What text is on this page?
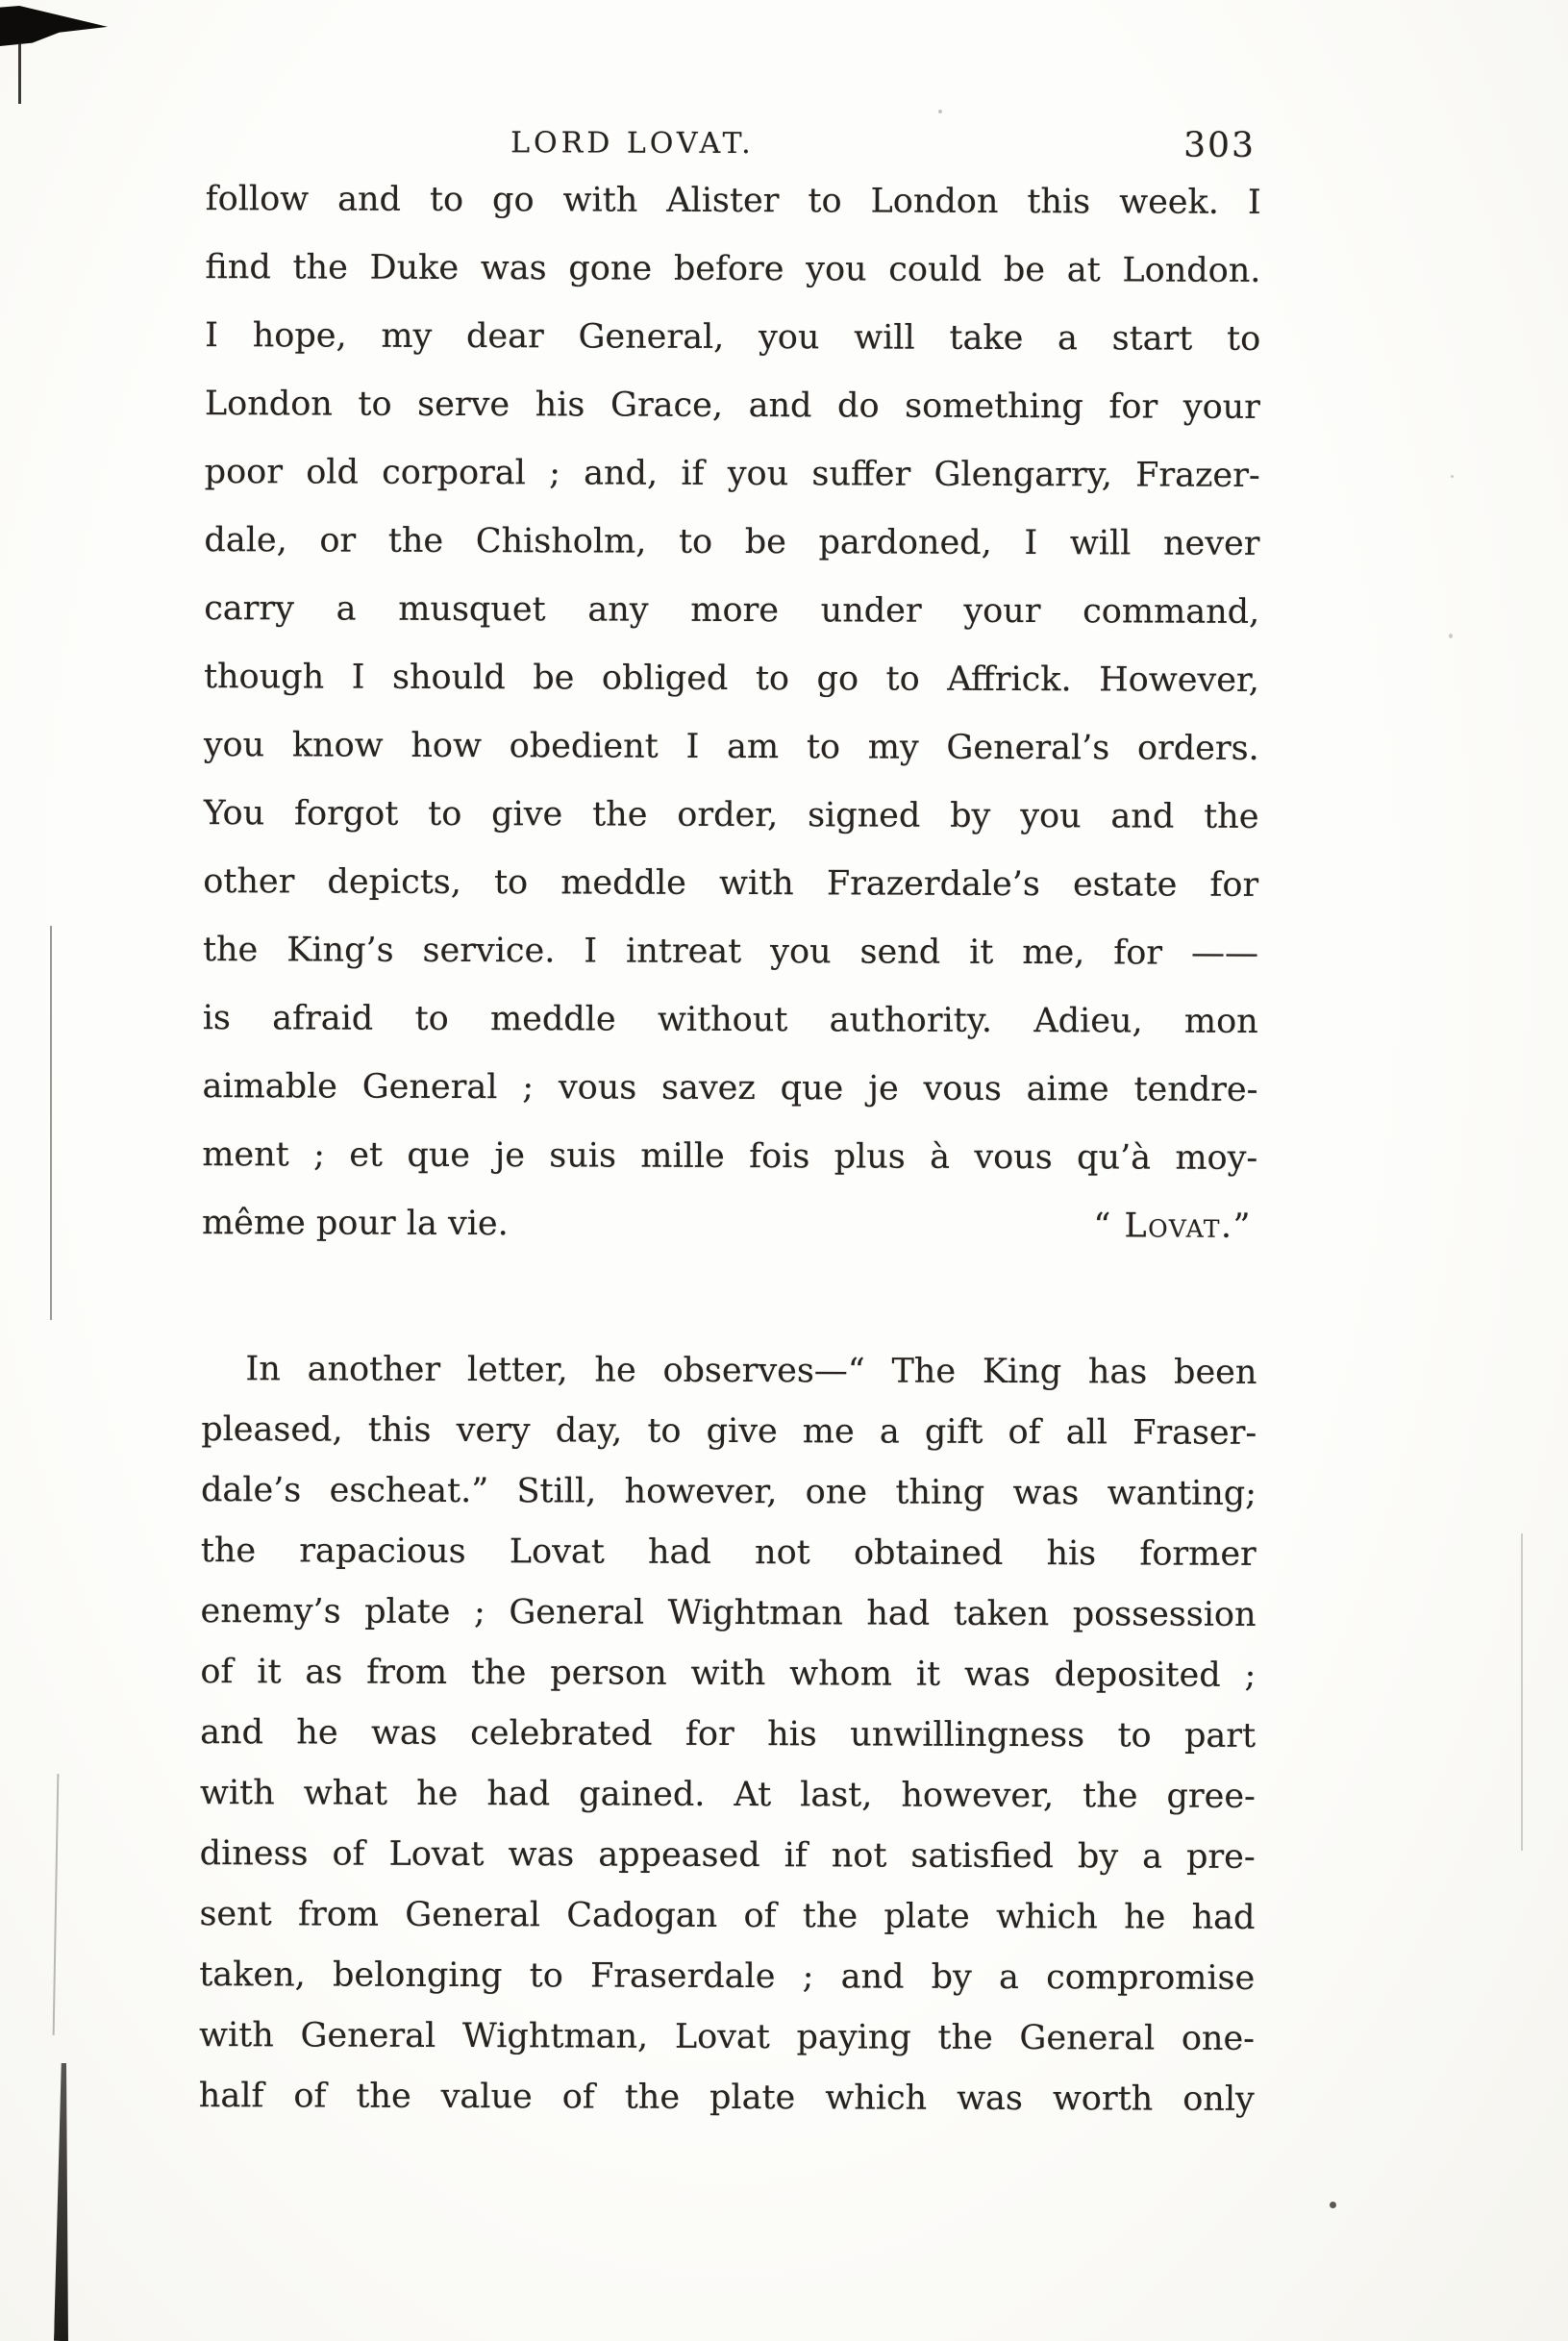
LORD LOVAT.	303
follow and to go with Alister to London this week. I
find the Duke was gone before you could be at London.
I hope, my dear General, you will take a start to
London to serve his Grace, and do something for your
poor old corporal ; and, if you suffer Glengarry, Frazer-
dale, or the Chisholm, to be pardoned, I will never
carry a musquet any more under your command,
though I should be obliged to go to Affrick. However,
you know how obedient I am to my General’s orders.
You forgot to give the order, signed by you and the
other depicts, to meddle with Frazerdale’s estate for
the King’s service. I intreat you send it me, for ——
is afraid to meddle without authority. Adieu, mon
aimable General ; vous savez que je vous aime tendre-
ment ; et que je suis mille fois plus à vous qu’à moy-
même pour la vie.	“ Lovat.”
In another letter, he observes—“ The King has been
pleased, this very day, to give me a gift of all Fraser-
dale’s escheat.” Still, however, one thing was wanting;
the rapacious Lovat had not obtained his former
enemy’s plate ; General Wightman had taken possession
of it as from the person with whom it was deposited ;
and he was celebrated for his unwillingness to part
with what he had gained. At last, however, the gree-
diness of Lovat was appeased if not satisfied by a pre-
sent from General Cadogan of the plate which he had
taken, belonging to Fraserdale ; and by a compromise
with General Wightman, Lovat paying the General one-
half of the value of the plate which was worth only
